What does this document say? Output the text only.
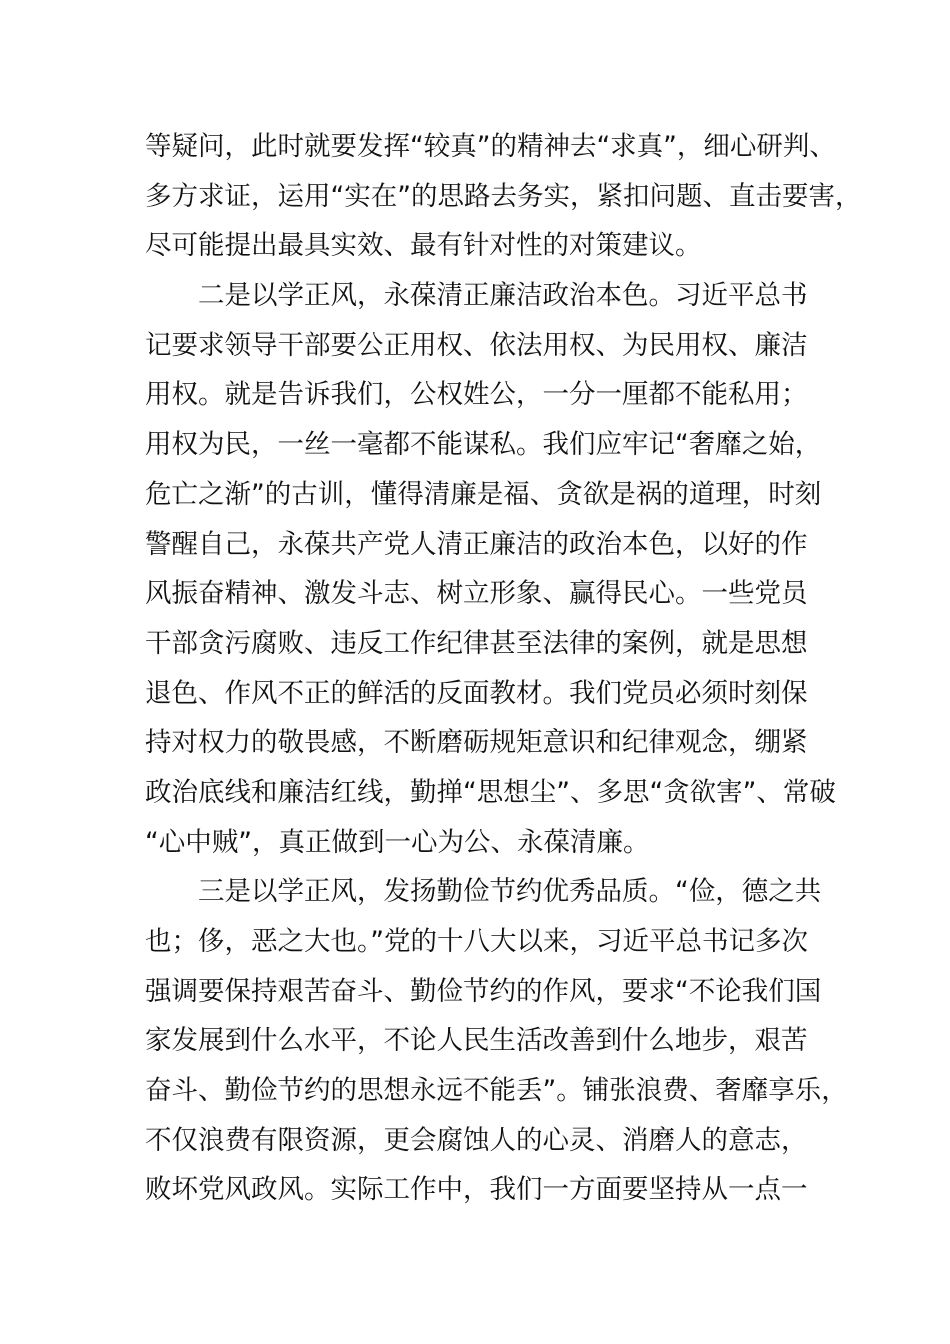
等疑问，此时就要发挥“较真”的精神去“求真”，细心研判、
多方求证，运用“实在”的思路去务实，紧扣问题、直击要害，
尽可能提出最具实效、最有针对性的对策建议。
二是以学正风，永葆清正廉洁政治本色。习近平总书
记要求领导干部要公正用权、依法用权、为民用权、廉洁
用权。就是告诉我们，公权姓公，一分一厘都不能私用；
用权为民，一丝一毫都不能谋私。我们应牢记“奢靡之始，
危亡之渐”的古训，懂得清廉是福、贪欲是祸的道理，时刻
警醒自己，永葆共产党人清正廉洁的政治本色，以好的作
风振奋精神、激发斗志、树立形象、赢得民心。一些党员
干部贪污腐败、违反工作纪律甚至法律的案例，就是思想
退色、作风不正的鲜活的反面教材。我们党员必须时刻保
持对权力的敬畏感，不断磨砺规矩意识和纪律观念，绷紧
政治底线和廉洁红线，勤掸“思想尘”、多思“贪欲害”、常破
“心中贼”，真正做到一心为公、永葆清廉。
三是以学正风，发扬勤俭节约优秀品质。“俭，德之共
也；侈，恶之大也。”党的十八大以来，习近平总书记多次
强调要保持艰苦奋斗、勤俭节约的作风，要求“不论我们国
家发展到什么水平，不论人民生活改善到什么地步，艰苦
奋斗、勤俭节约的思想永远不能丢”。铺张浪费、奢靡享乐，
不仅浪费有限资源，更会腐蚀人的心灵、消磨人的意志，
败坏党风政风。实际工作中，我们一方面要坚持从一点一
